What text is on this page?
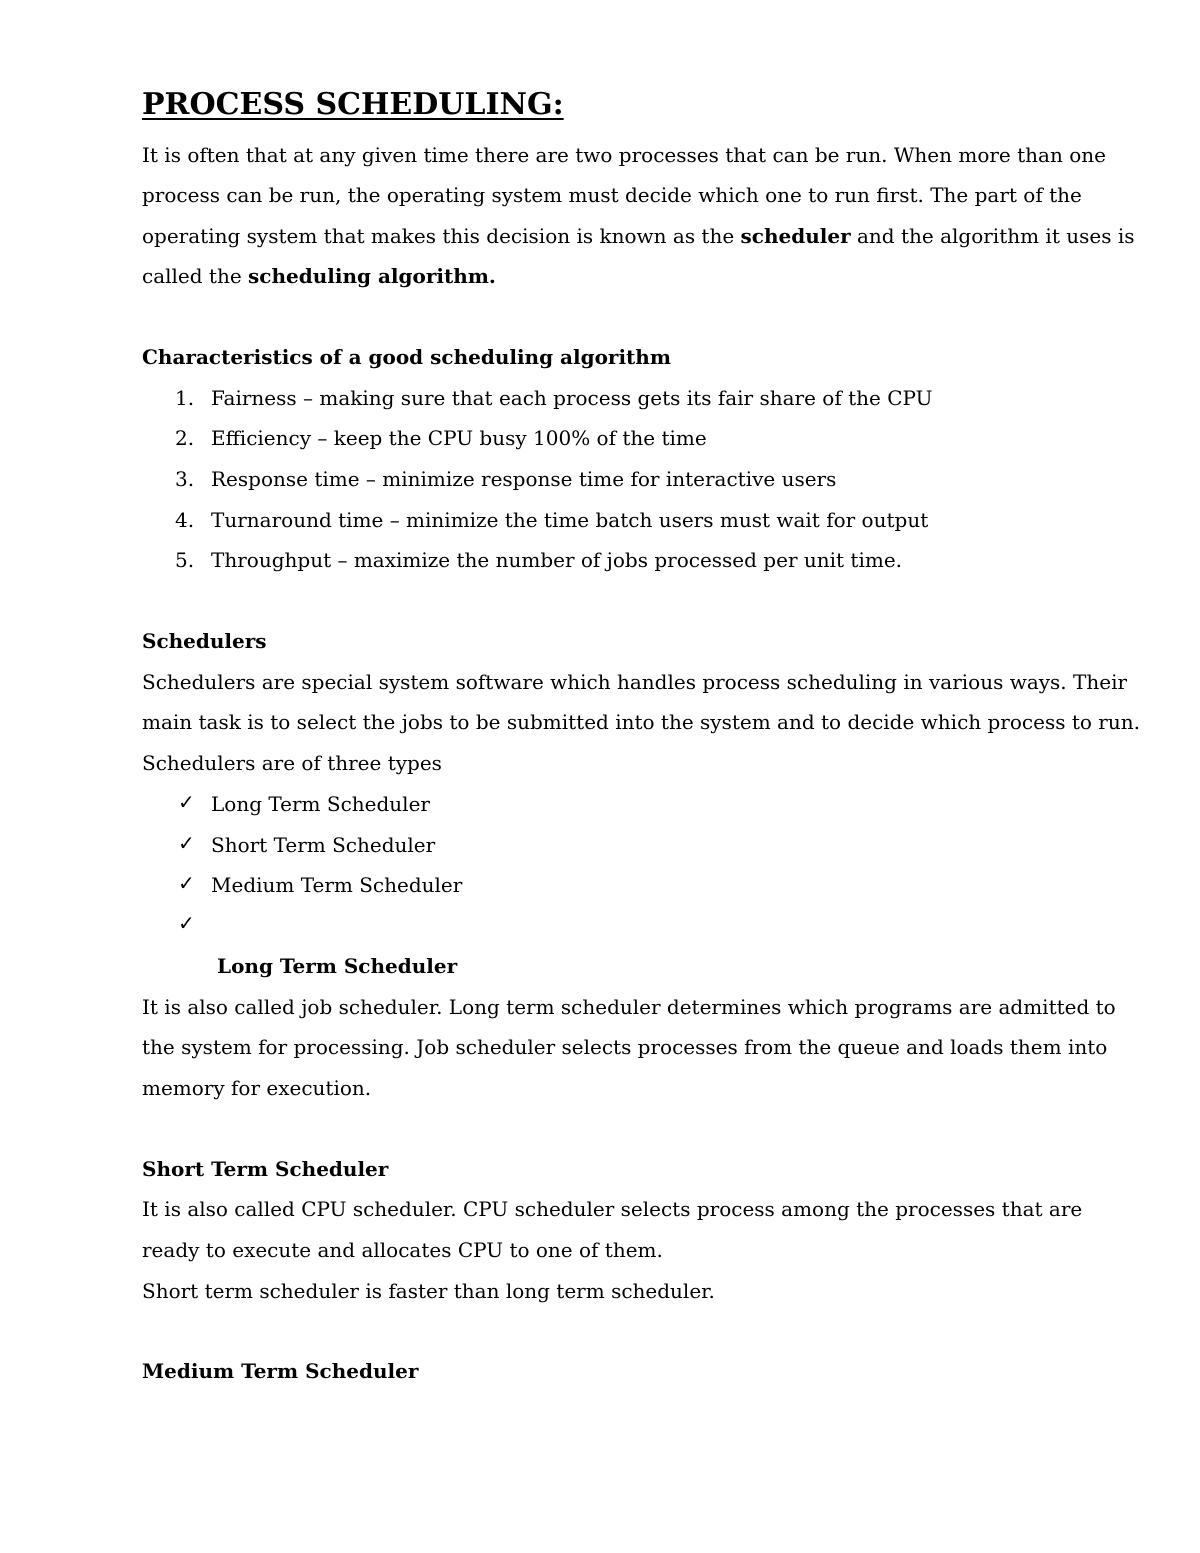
PROCESS SCHEDULING:
It is often that at any given time there are two processes that can be run. When more than one
process can be run, the operating system must decide which one to run first. The part of the
operating system that makes this decision is known as the scheduler and the algorithm it uses is
called the scheduling algorithm.
Characteristics of a good scheduling algorithm
1. Fairness – making sure that each process gets its fair share of the CPU
2. Efficiency – keep the CPU busy 100% of the time
3. Response time – minimize response time for interactive users
4. Turnaround time – minimize the time batch users must wait for output
5. Throughput – maximize the number of jobs processed per unit time.
Schedulers
Schedulers are special system software which handles process scheduling in various ways. Their
main task is to select the jobs to be submitted into the system and to decide which process to run.
Schedulers are of three types
✓ Long Term Scheduler
✓ Short Term Scheduler
✓ Medium Term Scheduler
✓
Long Term Scheduler
It is also called job scheduler. Long term scheduler determines which programs are admitted to
the system for processing. Job scheduler selects processes from the queue and loads them into
memory for execution.
Short Term Scheduler
It is also called CPU scheduler. CPU scheduler selects process among the processes that are
ready to execute and allocates CPU to one of them.
Short term scheduler is faster than long term scheduler.
Medium Term Scheduler
